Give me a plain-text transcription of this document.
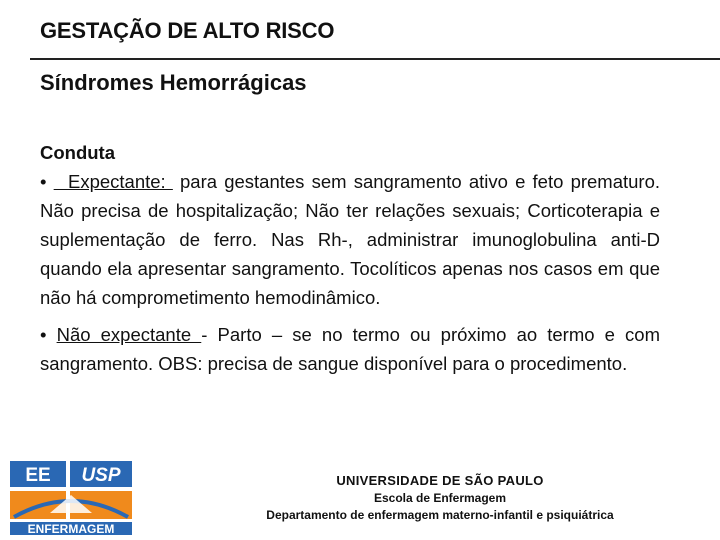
GESTAÇÃO DE ALTO RISCO
Síndromes Hemorrágicas
Conduta

•   Expectante:  para gestantes sem sangramento ativo e feto prematuro. Não precisa de hospitalização; Não ter relações sexuais; Corticoterapia e suplementação de ferro. Nas Rh-, administrar imunoglobulina anti-D quando ela apresentar sangramento. Tocolíticos apenas nos casos em que não há comprometimento hemodinâmico.

• Não expectante - Parto – se no termo ou próximo ao termo e com sangramento. OBS: precisa de sangue disponível para o procedimento.

EE USP
ENFERMAGEM
UNIVERSIDADE DE SÃO PAULO
Escola de Enfermagem
Departamento de enfermagem materno-infantil e psiquiátrica
